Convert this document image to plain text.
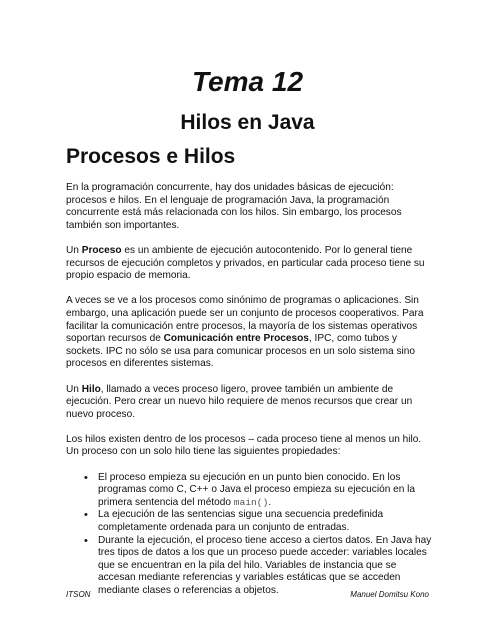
Tema 12
Hilos en Java
Procesos e Hilos

En la programación concurrente, hay dos unidades básicas de ejecución: procesos e hilos. En el lenguaje de programación Java, la programación concurrente está más relacionada con los hilos. Sin embargo, los procesos también son importantes.

Un Proceso es un ambiente de ejecución autocontenido. Por lo general tiene recursos de ejecución completos y privados, en particular cada proceso tiene su propio espacio de memoria.

A veces se ve a los procesos como sinónimo de programas o aplicaciones. Sin embargo, una aplicación puede ser un conjunto de procesos cooperativos. Para facilitar la comunicación entre procesos, la mayoría de los sistemas operativos soportan recursos de Comunicación entre Procesos, IPC, como tubos y sockets. IPC no sólo se usa para comunicar procesos en un solo sistema sino procesos en diferentes sistemas.

Un Hilo, llamado a veces proceso ligero, provee también un ambiente de ejecución. Pero crear un nuevo hilo requiere de menos recursos que crear un nuevo proceso.

Los hilos existen dentro de los procesos – cada proceso tiene al menos un hilo. Un proceso con un solo hilo tiene las siguientes propiedades:

• El proceso empieza su ejecución en un punto bien conocido. En los programas como C, C++ o Java el proceso empieza su ejecución en la primera sentencia del método main().
• La ejecución de las sentencias sigue una secuencia predefinida completamente ordenada para un conjunto de entradas.
• Durante la ejecución, el proceso tiene acceso a ciertos datos. En Java hay tres tipos de datos a los que un proceso puede acceder: variables locales que se encuentran en la pila del hilo. Variables de instancia que se accesan mediante referencias y variables estáticas que se acceden mediante clases o referencias a objetos.
ITSON	Manuel Domitsu Kono
